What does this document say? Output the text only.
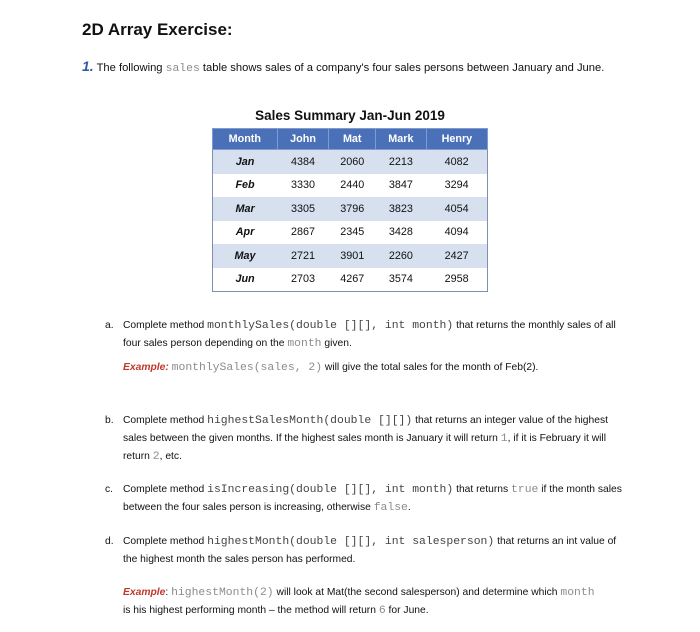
2D Array Exercise:
1. The following sales table shows sales of a company's four sales persons between January and June.
Sales Summary Jan-Jun 2019
Month	John	Mat	Mark	Henry
Jan	4384	2060	2213	4082
Feb	3330	2440	3847	3294
Mar	3305	3796	3823	4054
Apr	2867	2345	3428	4094
May	2721	3901	2260	2427
Jun	2703	4267	3574	2958
a. Complete method monthlySales(double [][], int month) that returns the monthly sales of all four sales person depending on the month given.
Example: monthlySales(sales, 2) will give the total sales for the month of Feb(2).
b. Complete method highestSalesMonth(double [][]) that returns an integer value of the highest sales between the given months. If the highest sales month is January it will return 1, if it is February it will return 2, etc.
c. Complete method isIncreasing(double [][], int month) that returns true if the month sales between the four sales person is increasing, otherwise false.
d. Complete method highestMonth(double [][], int salesperson) that returns an int value of the highest month the sales person has performed.
Example: highestMonth(2) will look at Mat(the second salesperson) and determine which month is his highest performing month – the method will return 6 for June.
